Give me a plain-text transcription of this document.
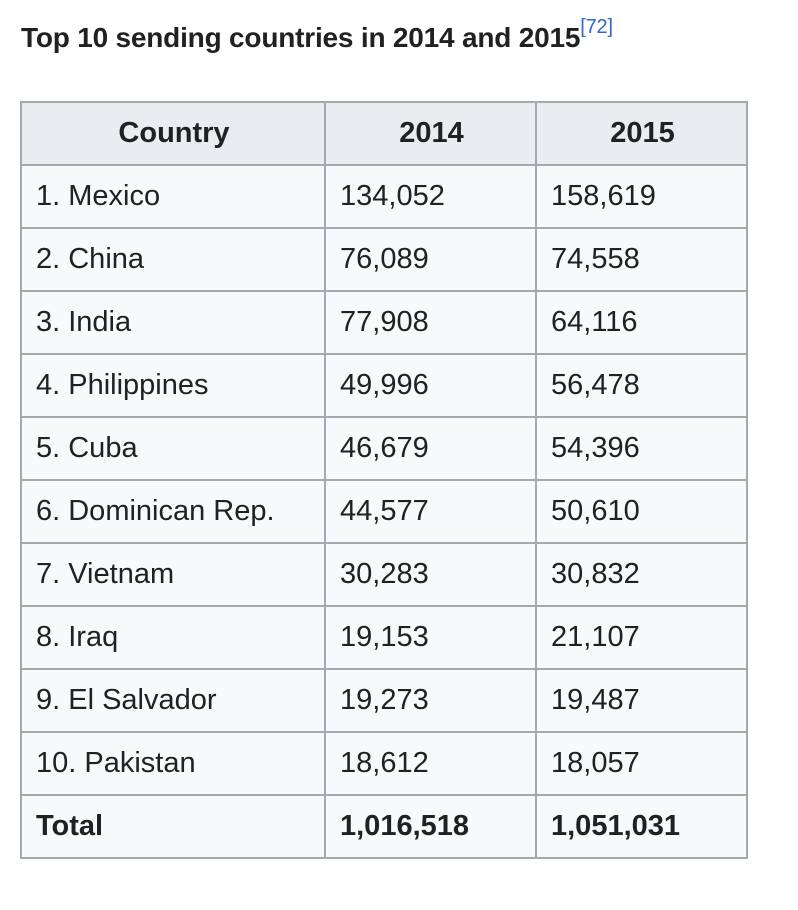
Top 10 sending countries in 2014 and 2015[72]
Country	2014	2015
1. Mexico	134,052	158,619
2. China	76,089	74,558
3. India	77,908	64,116
4. Philippines	49,996	56,478
5. Cuba	46,679	54,396
6. Dominican Rep.	44,577	50,610
7. Vietnam	30,283	30,832
8. Iraq	19,153	21,107
9. El Salvador	19,273	19,487
10. Pakistan	18,612	18,057
Total	1,016,518	1,051,031
